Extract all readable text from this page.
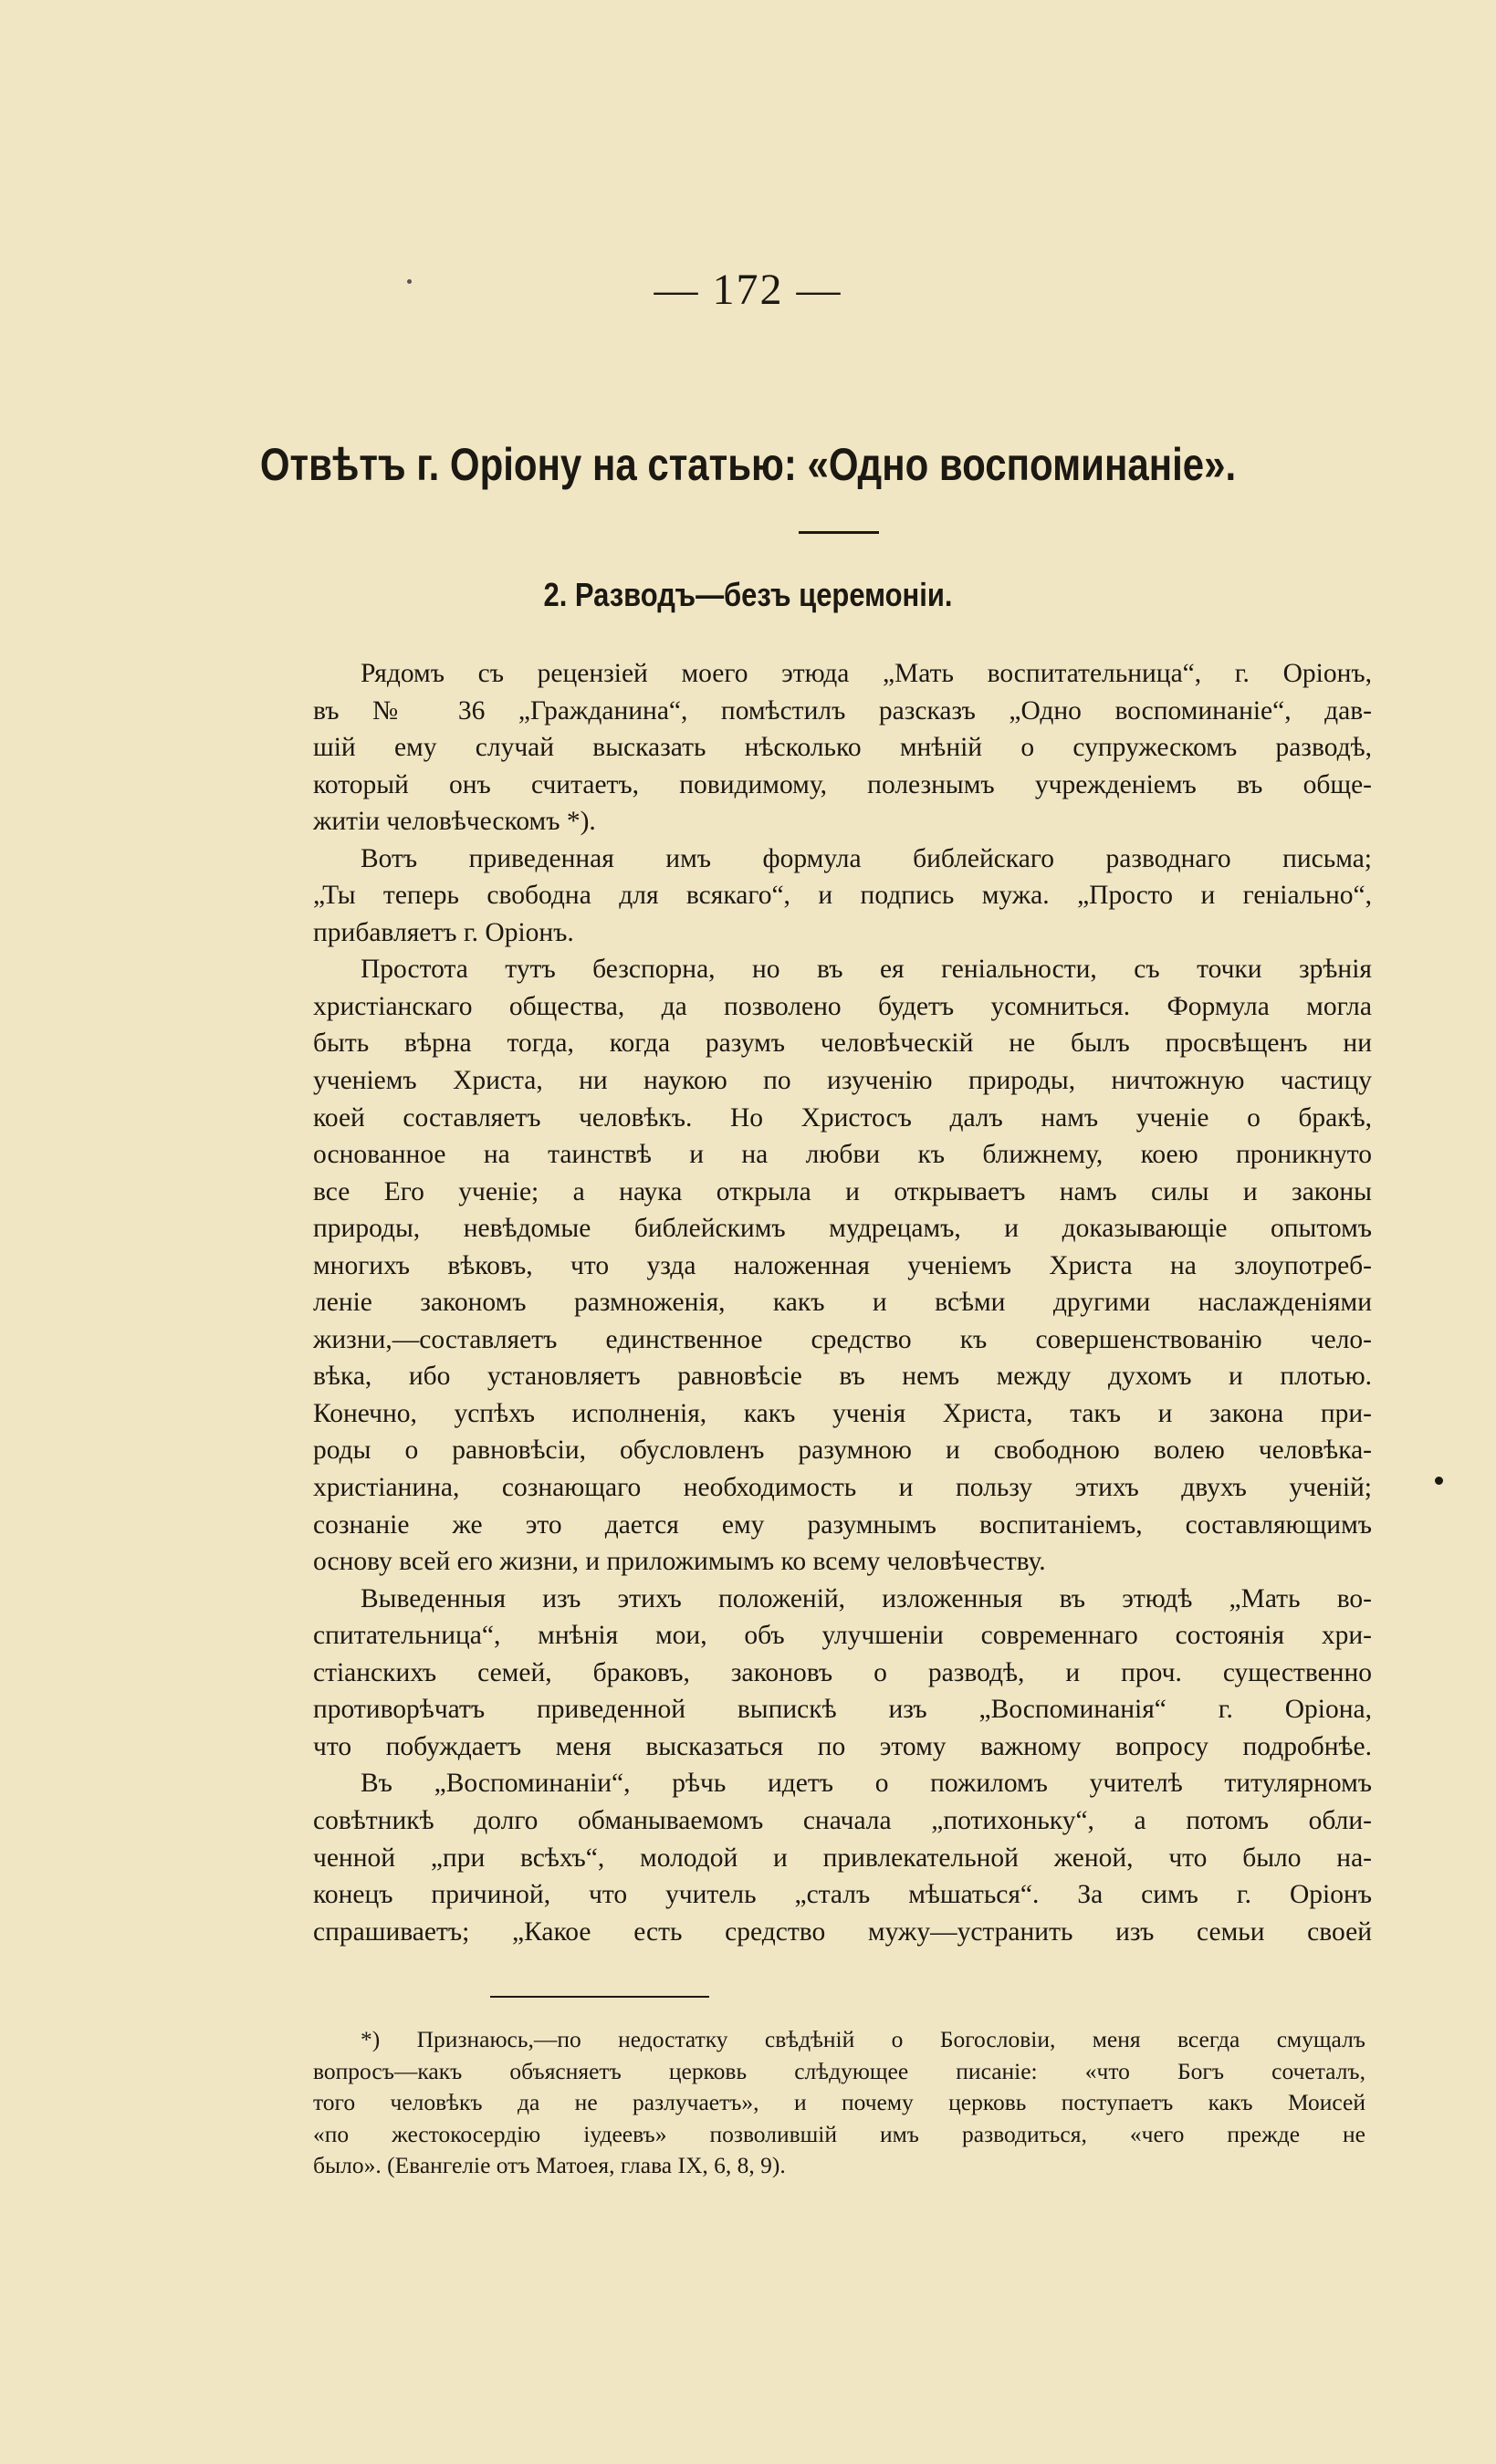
— 172 —
Отвѣтъ г. Оріону на статью: «Одно воспоминаніе».
2. Разводъ—безъ церемоніи.
Рядомъ съ рецензіей моего этюда „Мать воспитательница“, г. Оріонъ,
въ № 36 „Гражданина“, помѣстилъ разсказъ „Одно воспоминаніе“, дав-
шій ему случай высказать нѣсколько мнѣній о супружескомъ разводѣ,
который онъ считаетъ, повидимому, полезнымъ учрежденіемъ въ обще-
житіи человѣческомъ *).
Вотъ приведенная имъ формула библейскаго разводнаго письма;
„Ты теперь свободна для всякаго“, и подпись мужа. „Просто и геніально“,
прибавляетъ г. Оріонъ.
Простота тутъ безспорна, но въ ея геніальности, съ точки зрѣнія
христіанскаго общества, да позволено будетъ усомниться. Формула могла
быть вѣрна тогда, когда разумъ человѣческій не былъ просвѣщенъ ни
ученіемъ Христа, ни наукою по изученію природы, ничтожную частицу
коей составляетъ человѣкъ. Но Христосъ далъ намъ ученіе о бракѣ,
основанное на таинствѣ и на любви къ ближнему, коею проникнуто
все Его ученіе; а наука открыла и открываетъ намъ силы и законы
природы, невѣдомые библейскимъ мудрецамъ, и доказывающіе опытомъ
многихъ вѣковъ, что узда наложенная ученіемъ Христа на злоупотреб-
леніе закономъ размноженія, какъ и всѣми другими наслажденіями
жизни,—составляетъ единственное средство къ совершенствованію чело-
вѣка, ибо установляетъ равновѣсіе въ немъ между духомъ и плотью.
Конечно, успѣхъ исполненія, какъ ученія Христа, такъ и закона при-
роды о равновѣсіи, обусловленъ разумною и свободною волею человѣка-
христіанина, сознающаго необходимость и пользу этихъ двухъ ученій;
сознаніе же это дается ему разумнымъ воспитаніемъ, составляющимъ
основу всей его жизни, и приложимымъ ко всему человѣчеству.
Выведенныя изъ этихъ положеній, изложенныя въ этюдѣ „Мать во-
спитательница“, мнѣнія мои, объ улучшеніи современнаго состоянія хри-
стіанскихъ семей, браковъ, законовъ о разводѣ, и проч. существенно
противорѣчатъ приведенной выпискѣ изъ „Воспоминанія“ г. Оріона,
что побуждаетъ меня высказаться по этому важному вопросу подробнѣе.
Въ „Воспоминаніи“, рѣчь идетъ о пожиломъ учителѣ титулярномъ
совѣтникѣ долго обманываемомъ сначала „потихоньку“, а потомъ обли-
ченной „при всѣхъ“, молодой и привлекательной женой, что было на-
конецъ причиной, что учитель „сталъ мѣшаться“. За симъ г. Оріонъ
спрашиваетъ; „Какое есть средство мужу—устранить изъ семьи своей
*) Признаюсь,—по недостатку свѣдѣній о Богословіи, меня всегда смущалъ
вопросъ—какъ объясняетъ церковь слѣдующее писаніе: «что Богъ сочеталъ,
того человѣкъ да не разлучаетъ», и почему церковь поступаетъ какъ Моисей
«по жестокосердію іудеевъ» позволившій имъ разводиться, «чего прежде не
было». (Евангеліе отъ Матоея, глава IX, 6, 8, 9).
